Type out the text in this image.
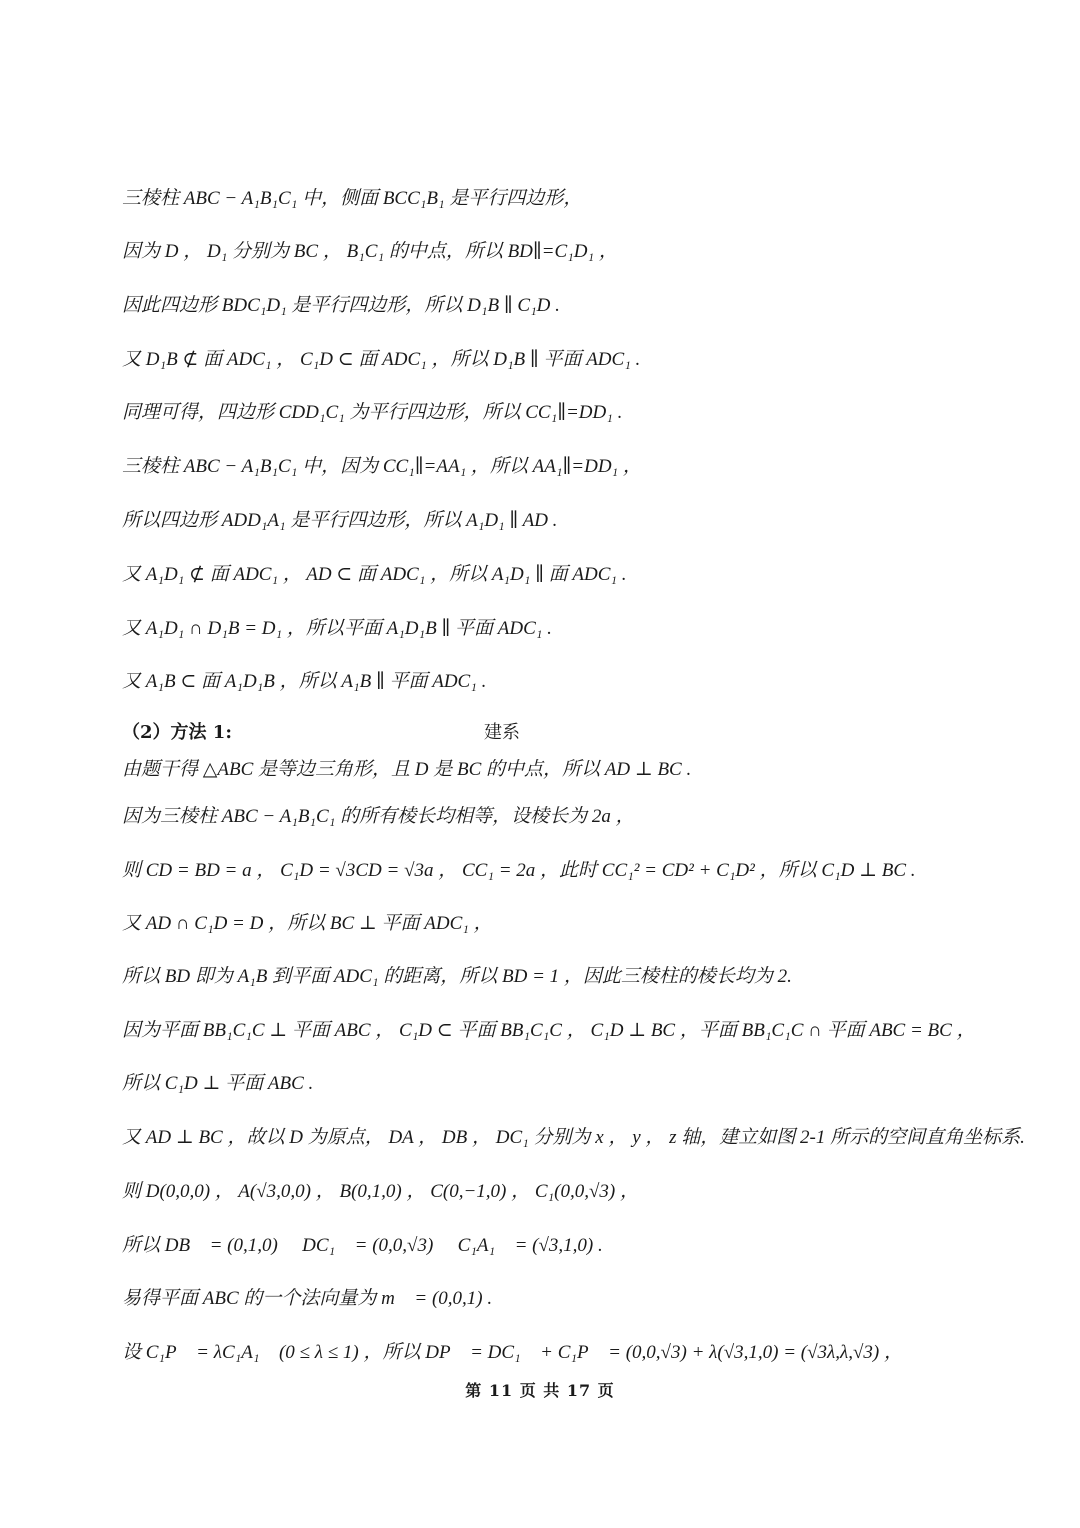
三棱柱 ABC − A₁B₁C₁ 中，侧面 BCC₁B₁ 是平行四边形，
因为 D ， D₁ 分别为 BC ， B₁C₁ 的中点，所以 BD∥=C₁D₁ ，
因此四边形 BDC₁D₁ 是平行四边形，所以 D₁B ∥ C₁D .
又 D₁B ⊄ 面 ADC₁ ， C₁D ⊂ 面 ADC₁ ，所以 D₁B ∥ 平面 ADC₁ .
同理可得，四边形 CDD₁C₁ 为平行四边形，所以 CC₁∥=DD₁ .
三棱柱 ABC − A₁B₁C₁ 中，因为 CC₁∥=AA₁ ，所以 AA₁∥=DD₁ ，
所以四边形 ADD₁A₁ 是平行四边形，所以 A₁D₁ ∥ AD .
又 A₁D₁ ⊄ 面 ADC₁ ， AD ⊂ 面 ADC₁ ，所以 A₁D₁ ∥ 面 ADC₁ .
又 A₁D₁ ∩ D₁B = D₁ ，所以平面 A₁D₁B ∥ 平面 ADC₁ .
又 A₁B ⊂ 面 A₁D₁B ，所以 A₁B ∥ 平面 ADC₁ .
（2）方法 1:	建系
由题干得 △ABC 是等边三角形，且 D 是 BC 的中点，所以 AD ⊥ BC .
因为三棱柱 ABC − A₁B₁C₁ 的所有棱长均相等，设棱长为 2a ，
则 CD = BD = a ， C₁D = √3CD = √3a ， CC₁ = 2a ，此时 CC₁² = CD² + C₁D² ，所以 C₁D ⊥ BC .
又 AD ∩ C₁D = D ，所以 BC ⊥ 平面 ADC₁ ，
所以 BD 即为 A₁B 到平面 ADC₁ 的距离，所以 BD = 1 ，因此三棱柱的棱长均为 2.
因为平面 BB₁C₁C ⊥ 平面 ABC ， C₁D ⊂ 平面 BB₁C₁C ， C₁D ⊥ BC ，平面 BB₁C₁C ∩ 平面 ABC = BC ，
所以 C₁D ⊥ 平面 ABC .
又 AD ⊥ BC ，故以 D 为原点， DA ， DB ， DC₁ 分别为 x ， y ， z 轴，建立如图 2-1 所示的空间直角坐标系.
则 D(0,0,0) ， A(√3,0,0) ， B(0,1,0) ， C(0,−1,0) ， C₁(0,0,√3) ，
所以 DB⃗ = (0,1,0) ， DC₁⃗ = (0,0,√3) ， C₁A₁⃗ = (√3,1,0) .
易得平面 ABC 的一个法向量为 m⃗ = (0,0,1) .
设 C₁P⃗ = λC₁A₁⃗ (0 ≤ λ ≤ 1) ，所以 DP⃗ = DC₁⃗ + C₁P⃗ = (0,0,√3) + λ(√3,1,0) = (√3λ,λ,√3) ，
第 11 页 共 17 页
